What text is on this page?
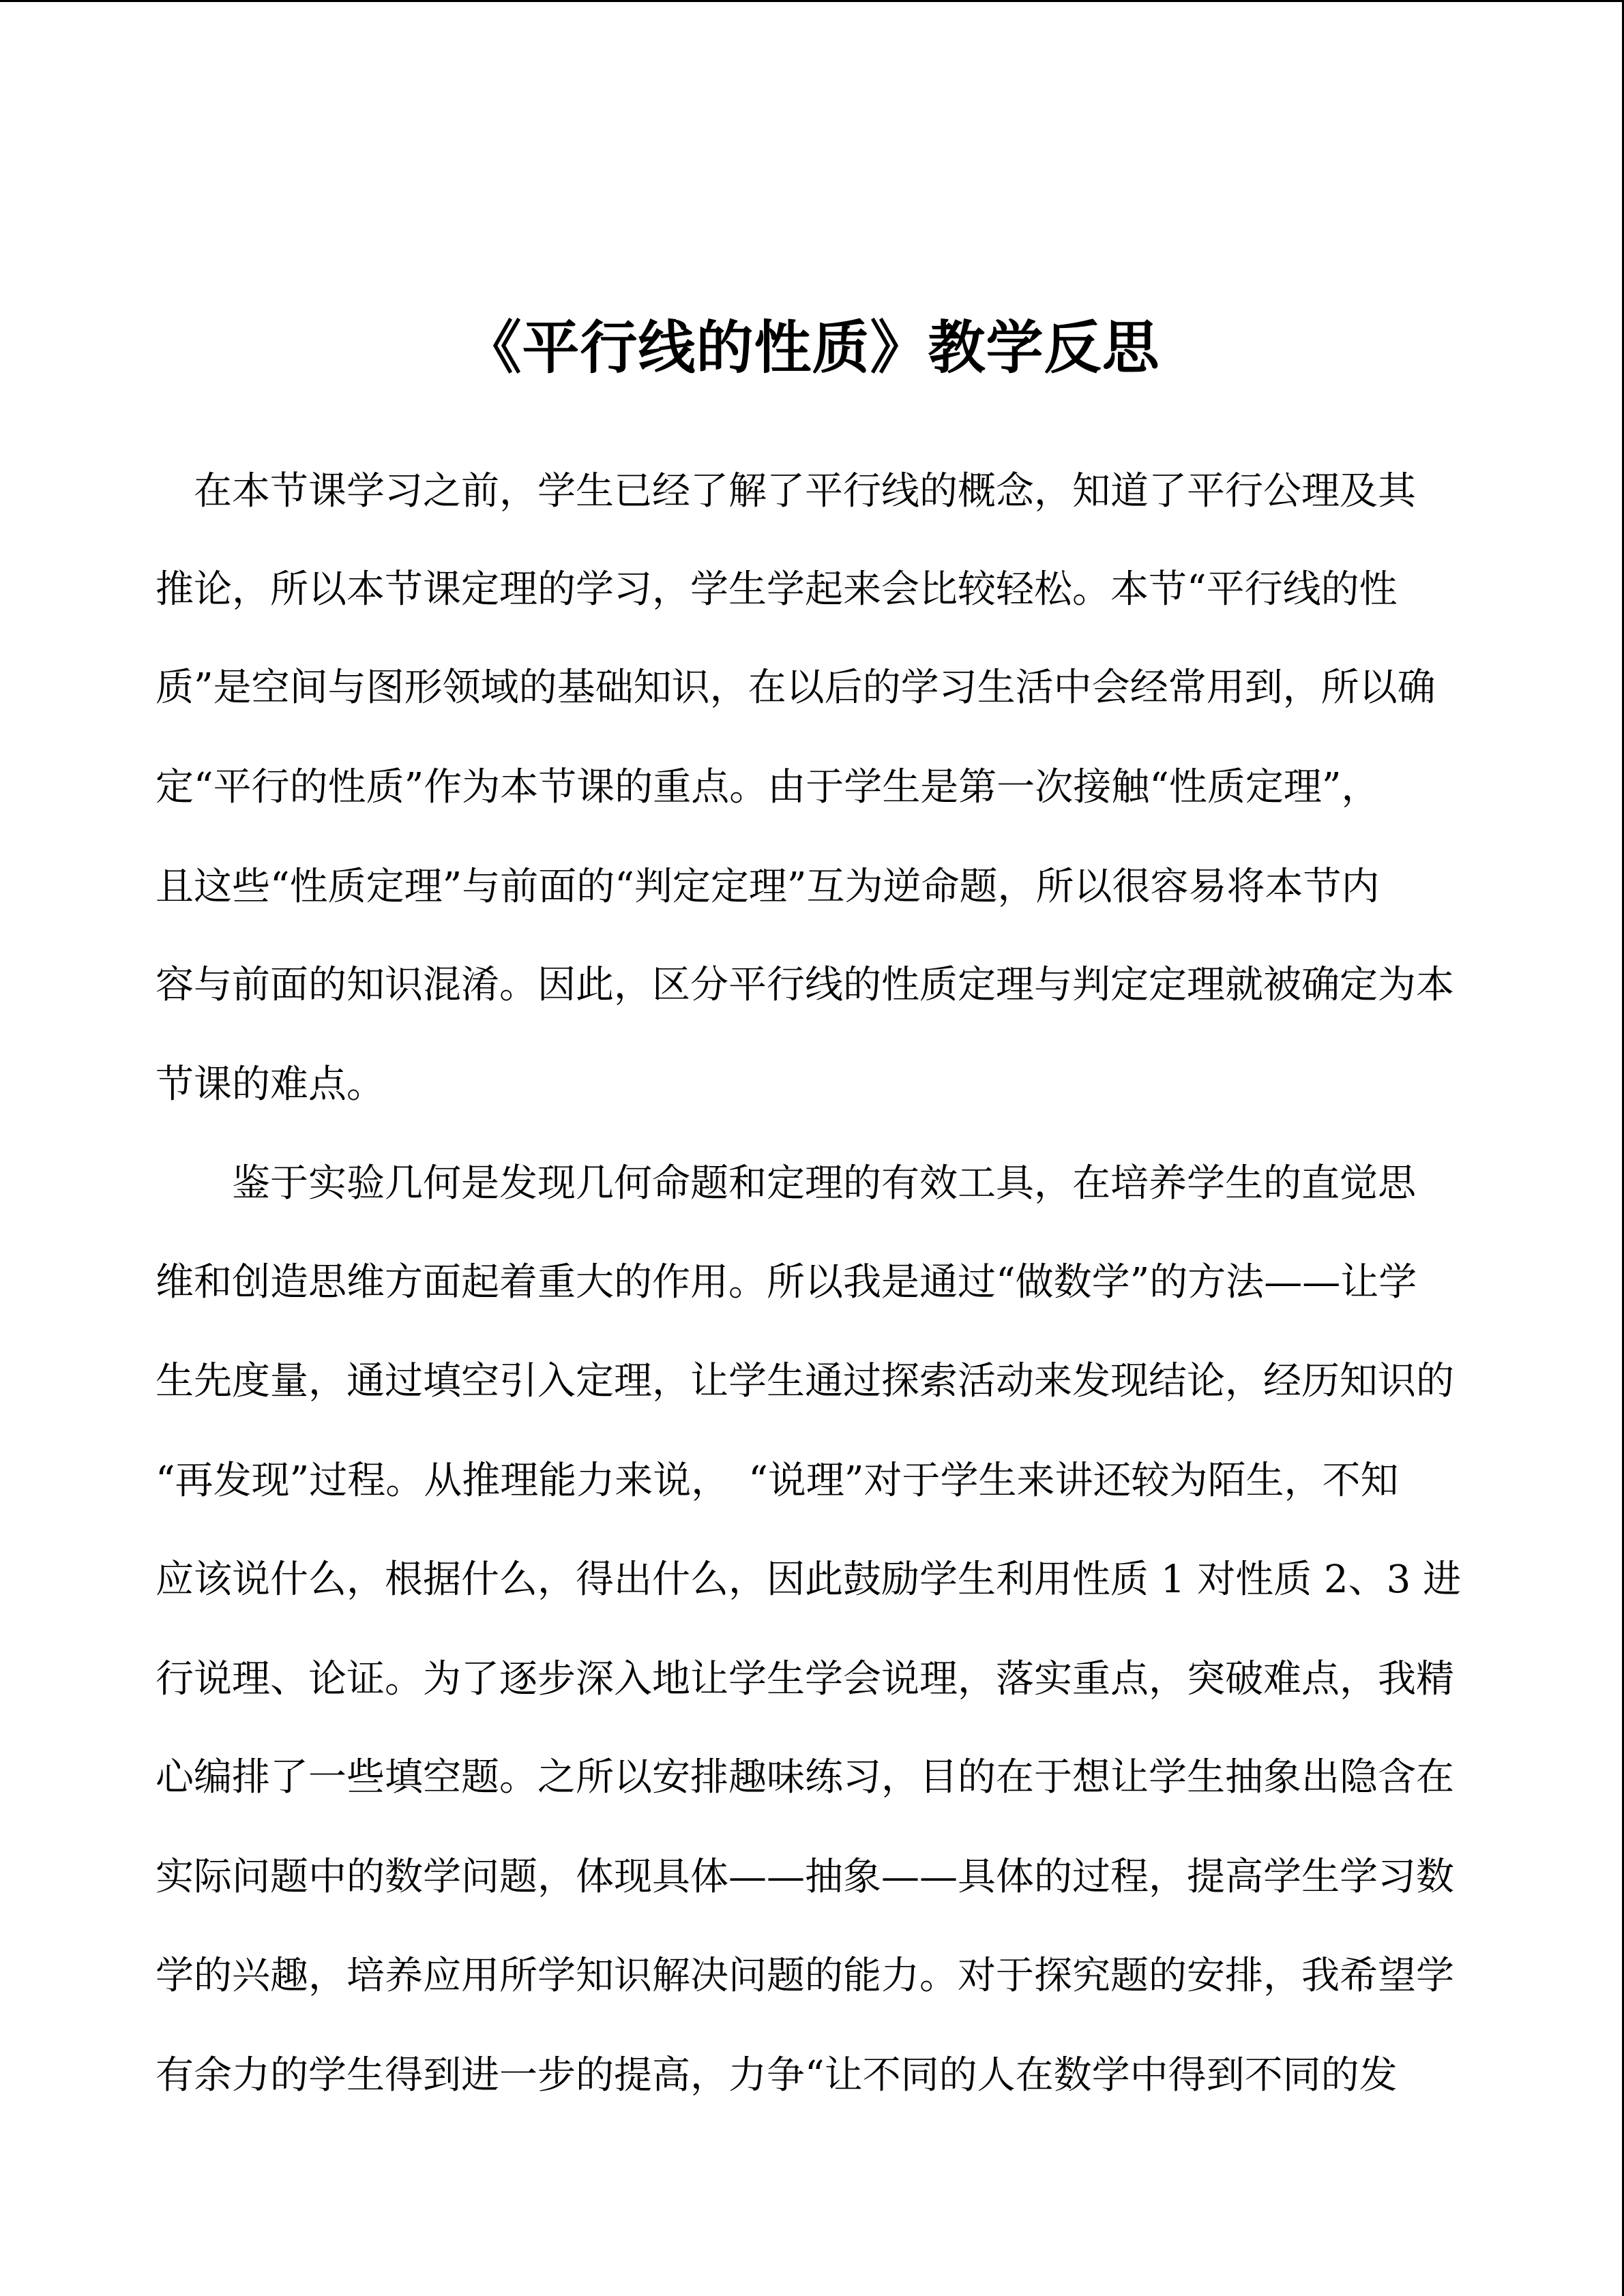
《平行线的性质》教学反思
　在本节课学习之前，学生已经了解了平行线的概念，知道了平行公理及其
推论，所以本节课定理的学习，学生学起来会比较轻松。本节“平行线的性
质”是空间与图形领域的基础知识，在以后的学习生活中会经常用到，所以确
定“平行的性质”作为本节课的重点。由于学生是第一次接触“性质定理”，
且这些“性质定理”与前面的“判定定理”互为逆命题，所以很容易将本节内
容与前面的知识混淆。因此，区分平行线的性质定理与判定定理就被确定为本
节课的难点。
　　鉴于实验几何是发现几何命题和定理的有效工具，在培养学生的直觉思
维和创造思维方面起着重大的作用。所以我是通过“做数学”的方法——让学
生先度量，通过填空引入定理，让学生通过探索活动来发现结论，经历知识的
“再发现”过程。从推理能力来说，　“说理”对于学生来讲还较为陌生，不知
应该说什么，根据什么，得出什么，因此鼓励学生利用性质 1 对性质 2、3 进
行说理、论证。为了逐步深入地让学生学会说理，落实重点，突破难点，我精
心编排了一些填空题。之所以安排趣味练习，目的在于想让学生抽象出隐含在
实际问题中的数学问题，体现具体——抽象——具体的过程，提高学生学习数
学的兴趣，培养应用所学知识解决问题的能力。对于探究题的安排，我希望学
有余力的学生得到进一步的提高，力争“让不同的人在数学中得到不同的发
